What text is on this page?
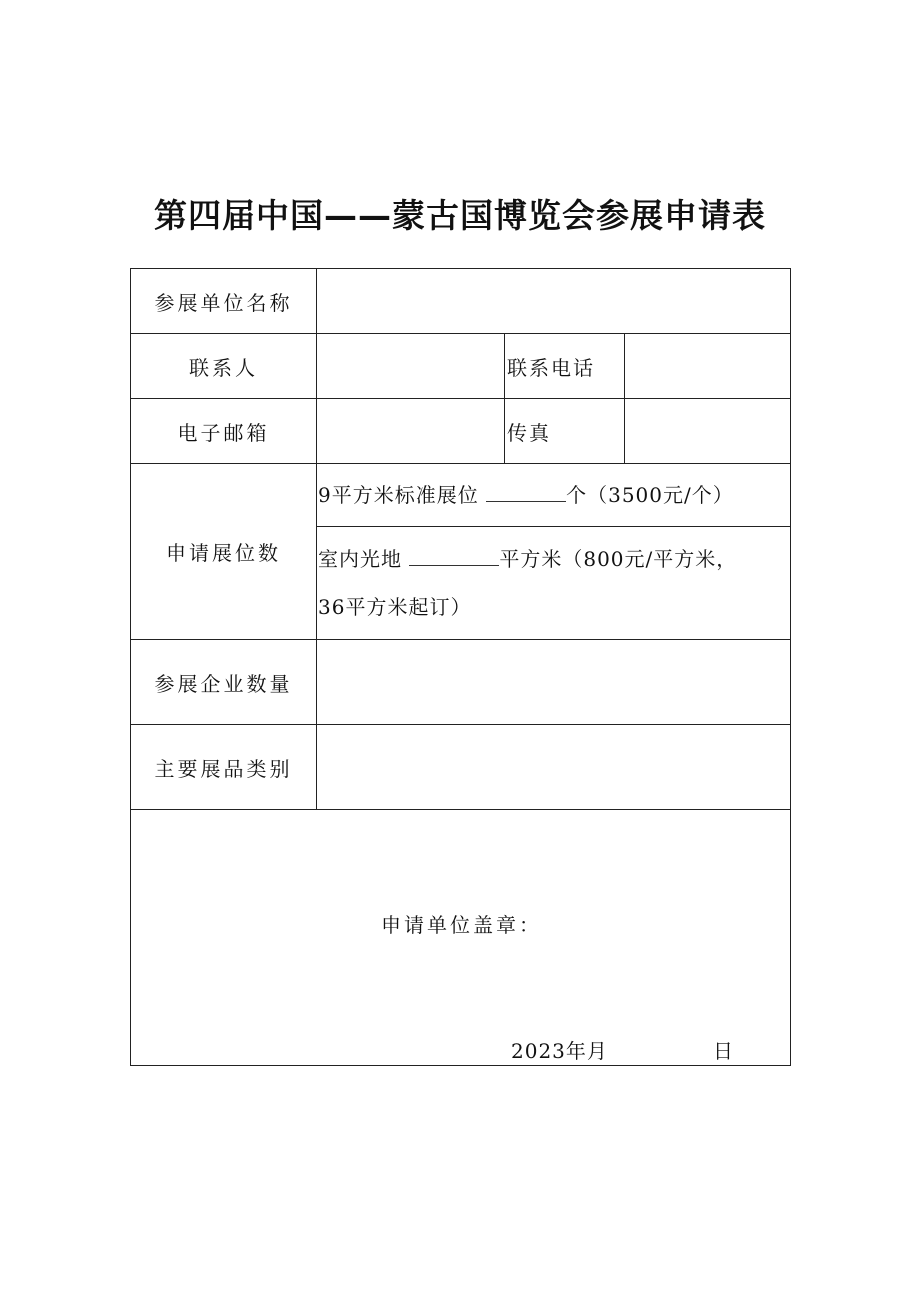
第四届中国——蒙古国博览会参展申请表
参展单位名称			
联系人		联系电话	
电子邮箱		传真	
申请展位数	9平方米标准展位 个（3500元/个）		

	室内光地 平方米（800元/平方米，
36平方米起订）		

参展企业数量			
主要展品类别			

申请单位盖章：
2023年月 日			
